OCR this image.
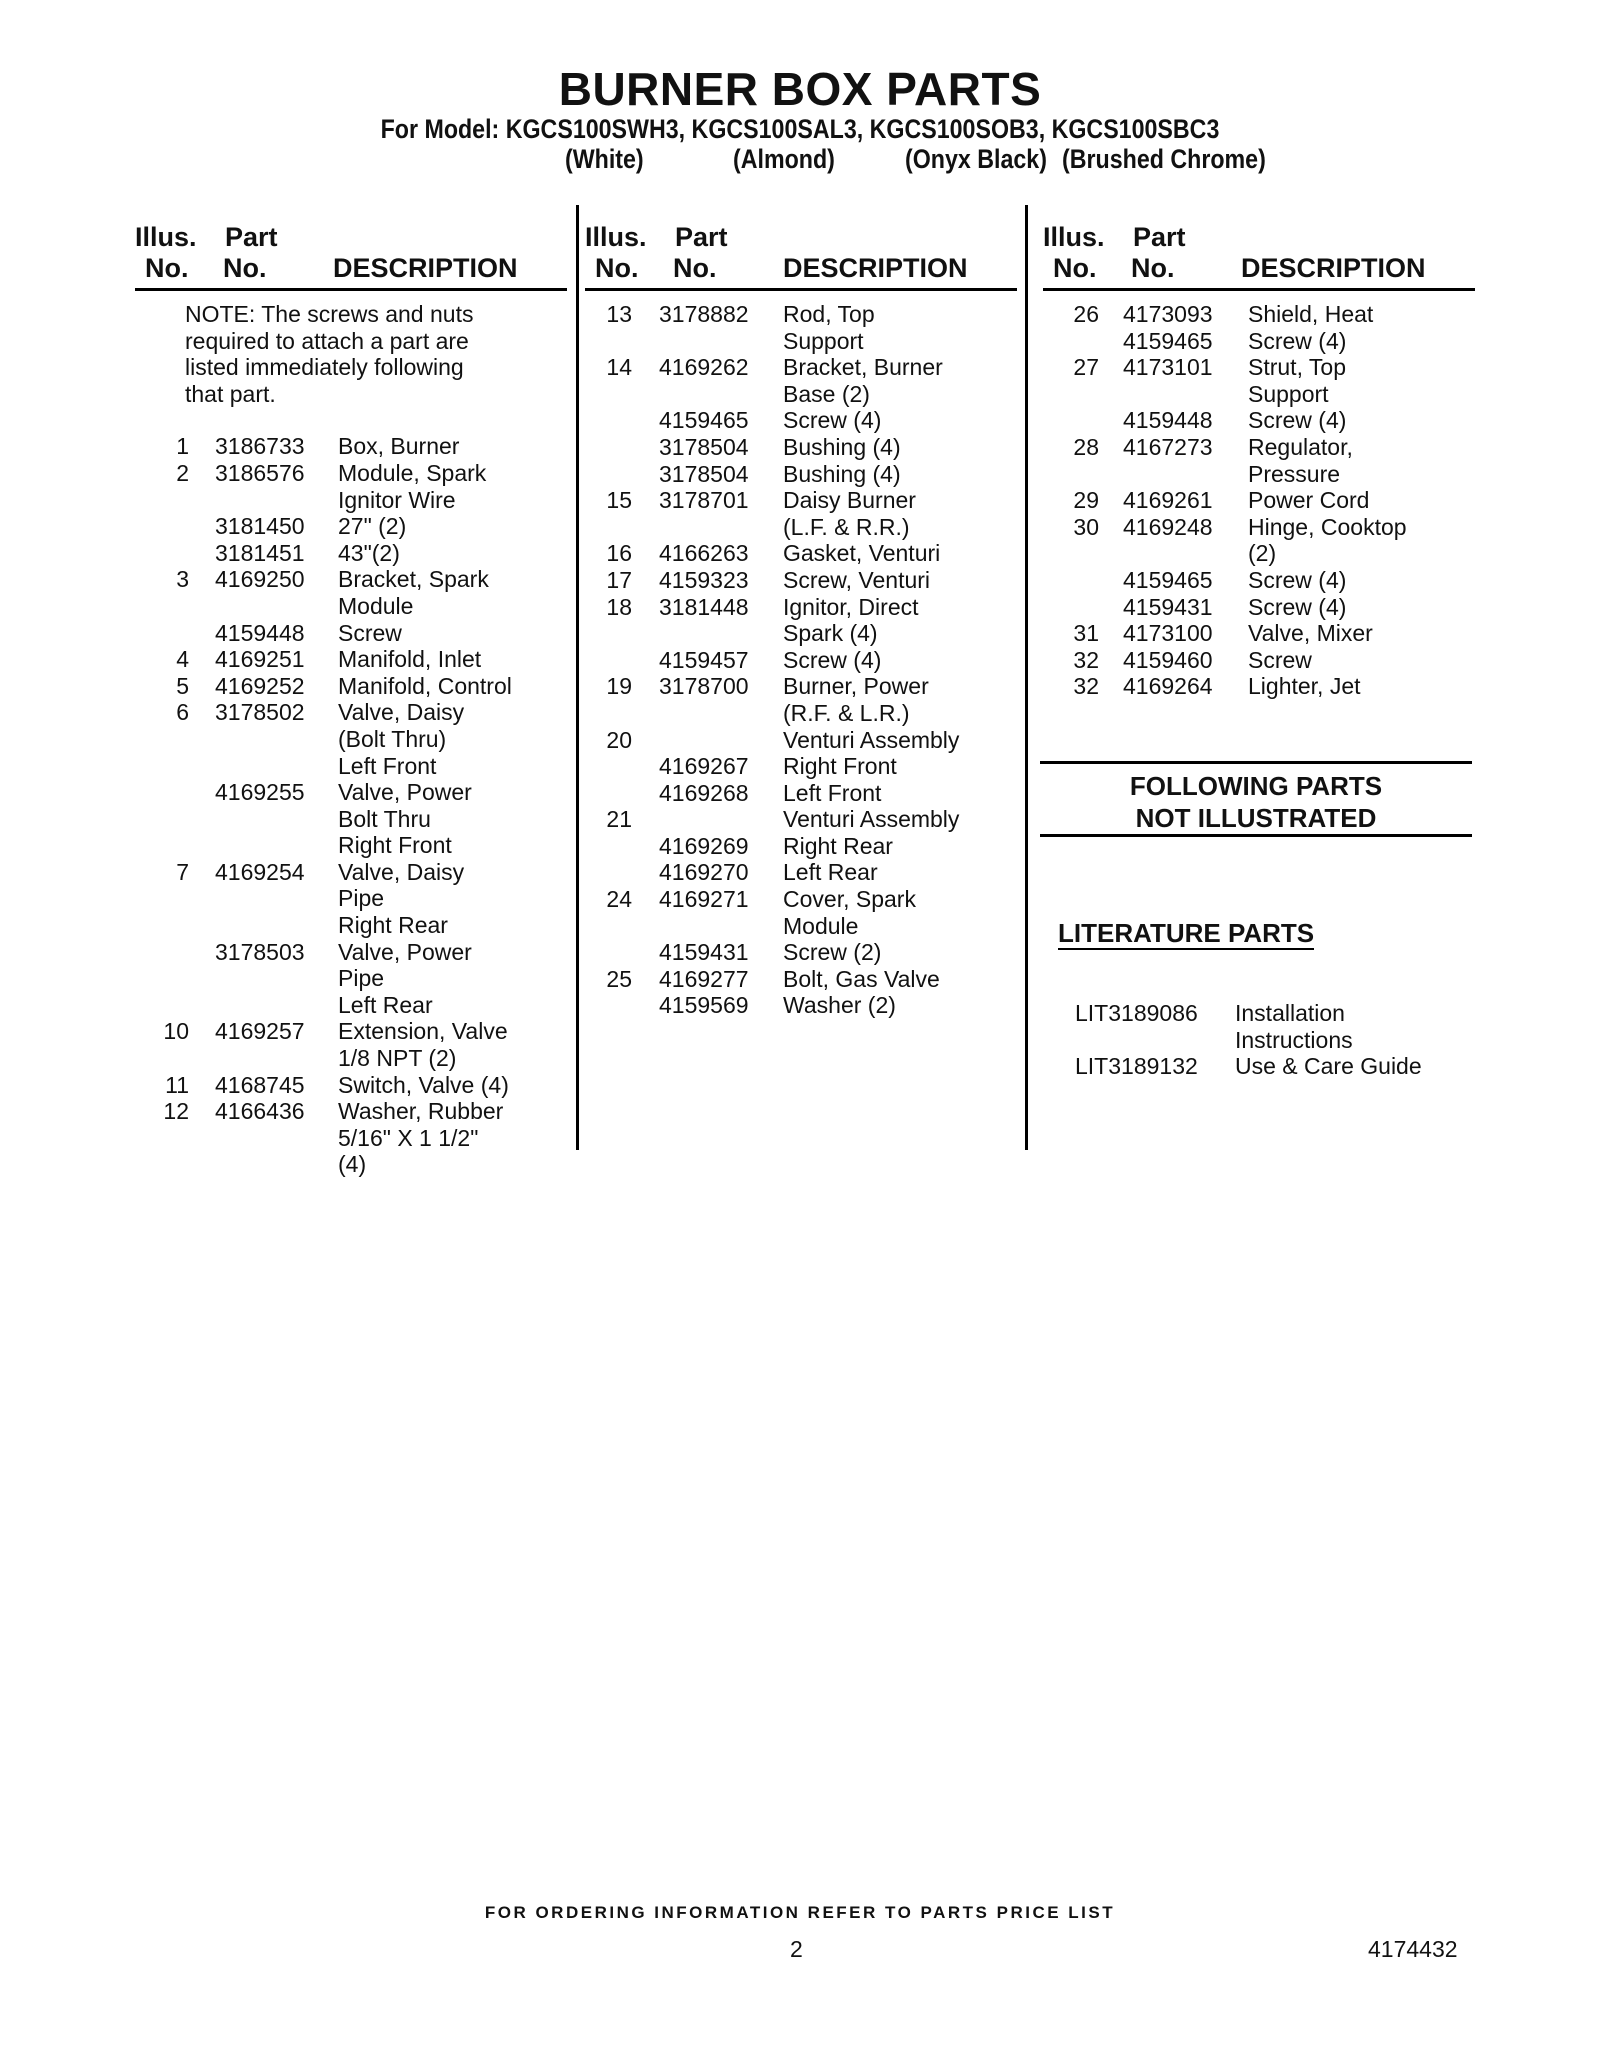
BURNER BOX PARTS
For Model: KGCS100SWH3, KGCS100SAL3, KGCS100SOB3, KGCS100SBC3
(White)	(Almond)	(Onyx Black) (Brushed Chrome)
Illus.
No.
Part
No. DESCRIPTION
NOTE: The screws and nuts
required to attach a part are
listed immediately following
that part.
1 3186733 Box, Burner
2 3186576 Module, Spark
Ignitor Wire
3181450 27" (2)
3181451 43"(2)
3 4169250 Bracket, Spark
Module
4159448 Screw
4 4169251 Manifold, Inlet
5 4169252 Manifold, Control
6 3178502 Valve, Daisy
(Bolt Thru)
Left Front
4169255 Valve, Power
Bolt Thru
Right Front
7 4169254 Valve, Daisy
Pipe
Right Rear
3178503 Valve, Power
Pipe
Left Rear
10 4169257 Extension, Valve
1/8 NPT (2)
11 4168745 Switch, Valve (4)
12 4166436 Washer, Rubber
5/16" X 1 1/2"
(4)
Illus.
No.
Part
No. DESCRIPTION
13 3178882 Rod, Top
Support
14 4169262 Bracket, Burner
Base (2)
4159465 Screw (4)
3178504 Bushing (4)
3178504 Bushing (4)
15 3178701 Daisy Burner
(L.F. & R.R.)
16 4166263 Gasket, Venturi
17 4159323 Screw, Venturi
18 3181448 Ignitor, Direct
Spark (4)
4159457 Screw (4)
19 3178700 Burner, Power
(R.F. & L.R.)
20	Venturi Assembly
4169267 Right Front
4169268 Left Front
21	Venturi Assembly
4169269 Right Rear
4169270 Left Rear
24 4169271 Cover, Spark
Module
4159431 Screw (2)
25 4169277 Bolt, Gas Valve
4159569 Washer (2)
Illus.
No.
Part
No. DESCRIPTION
26 4173093 Shield, Heat
4159465 Screw (4)
27 4173101 Strut, Top
Support
4159448 Screw (4)
28 4167273 Regulator,
Pressure
29 4169261 Power Cord
30 4169248 Hinge, Cooktop
(2)
4159465 Screw (4)
4159431 Screw (4)
31 4173100 Valve, Mixer
32 4159460 Screw
32 4169264 Lighter, Jet
FOLLOWING PARTS
NOT ILLUSTRATED
LITERATURE PARTS
LIT3189086 Installation
Instructions
LIT3189132 Use & Care Guide
FOR ORDERING INFORMATION REFER TO PARTS PRICE LIST
2	4174432
